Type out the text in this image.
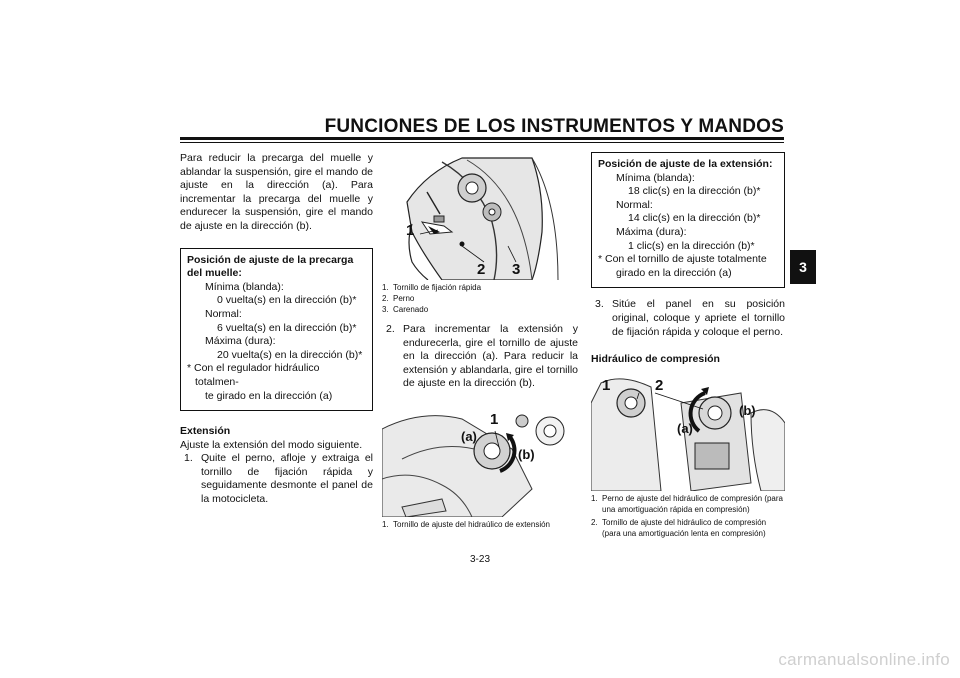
FUNCIONES DE LOS INSTRUMENTOS Y MANDOS
3

Para reducir la precarga del muelle y ablandar la suspensión, gire el mando de ajuste en la dirección (a). Para incrementar la precarga del muelle y endurecer la suspensión, gire el mando de ajuste en la dirección (b).

Posición de ajuste de la precarga del muelle:
Mínima (blanda):
0 vuelta(s) en la dirección (b)*
Normal:
6 vuelta(s) en la dirección (b)*
Máxima (dura):
20 vuelta(s) en la dirección (b)*
* Con el regulador hidráulico totalmen-
te girado en la dirección (a)
Extensión

Ajuste la extensión del modo siguiente.

1. Quite el perno, afloje y extraiga el tornillo de fijación rápida y seguidamente desmonte el panel de la motocicleta.
1
2 3
1. Tornillo de fijación rápida
2. Perno
3. Carenado
2. Para incrementar la extensión y endurecerla, gire el tornillo de ajuste en la dirección (a). Para reducir la extensión y ablandarla, gire el tornillo de ajuste en la dirección (b).
(a)
(b)
1
1. Tornillo de ajuste del hidraúlico de extensión
Posición de ajuste de la extensión:
Mínima (blanda):
18 clic(s) en la dirección (b)*
Normal:
14 clic(s) en la dirección (b)*
Máxima (dura):
1 clic(s) en la dirección (b)*
* Con el tornillo de ajuste totalmente
girado en la dirección (a)
3. Sitúe el panel en su posición original, coloque y apriete el tornillo de fijación rápida y coloque el perno.
Hidráulico de compresión
1	2
(a)
(b)
1. Perno de ajuste del hidráulico de compresión (para una amortiguación rápida en compresión)
2. Tornillo de ajuste del hidráulico de compresión (para una amortiguación lenta en compresión)
3-23
carmanualsonline.info
